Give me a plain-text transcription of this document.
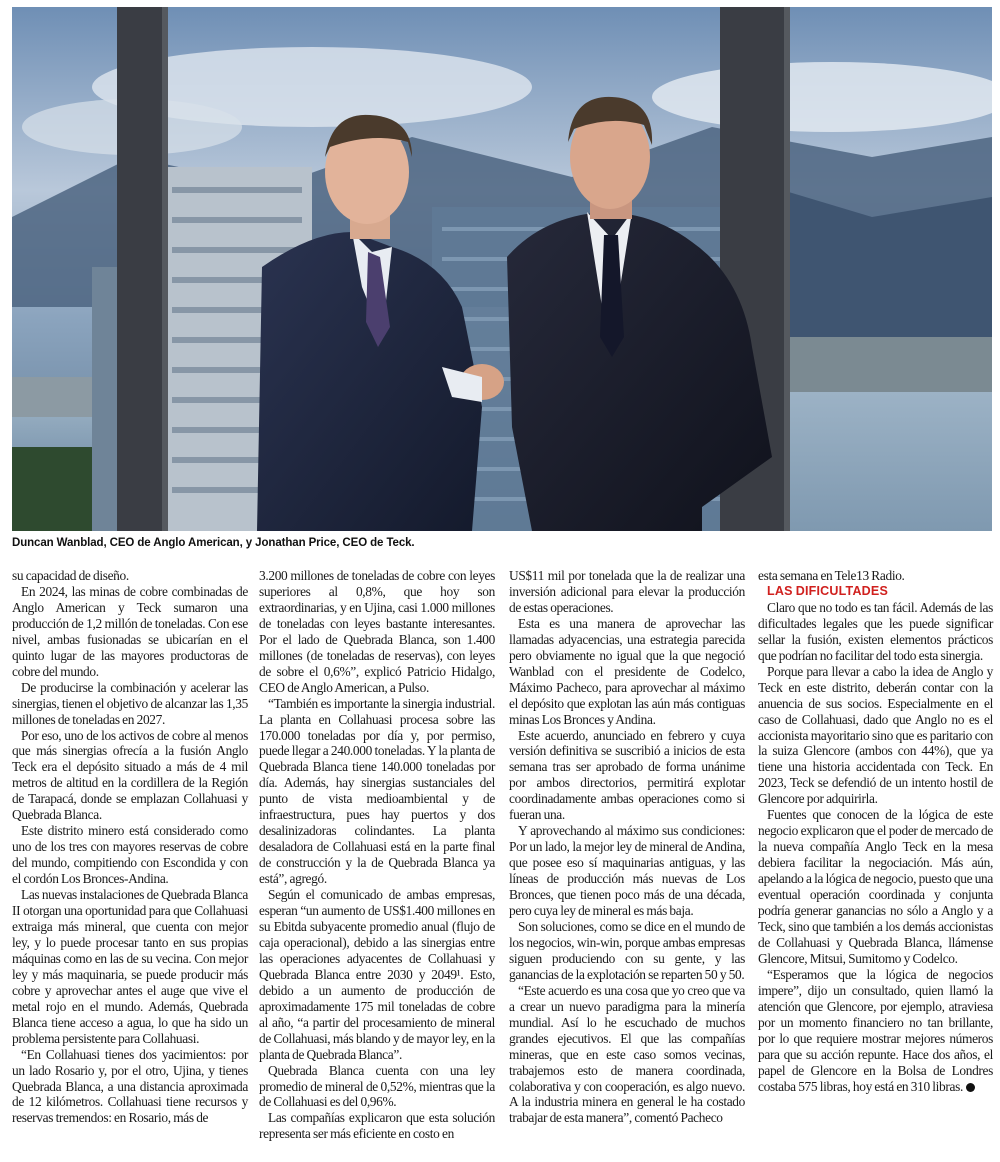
Duncan Wanblad, CEO de Anglo American, y Jonathan Price, CEO de Teck.

su capacidad de diseño.

En 2024, las minas de cobre combinadas de Anglo American y Teck sumaron una producción de 1,2 millón de toneladas. Con ese nivel, ambas fusionadas se ubicarían en el quinto lugar de las mayores productoras de cobre del mundo.

De producirse la combinación y acelerar las sinergias, tienen el objetivo de alcanzar las 1,35 millones de toneladas en 2027.

Por eso, uno de los activos de cobre al menos que más sinergias ofrecía a la fusión Anglo Teck era el depósito situado a más de 4 mil metros de altitud en la cordillera de la Región de Tarapacá, donde se emplazan Collahuasi y Quebrada Blanca.

Este distrito minero está considerado como uno de los tres con mayores reservas de cobre del mundo, compitiendo con Escondida y con el cordón Los Bronces-Andina.

Las nuevas instalaciones de Quebrada Blanca II otorgan una oportunidad para que Collahuasi extraiga más mineral, que cuenta con mejor ley, y lo puede procesar tanto en sus propias máquinas como en las de su vecina. Con mejor ley y más maquinaria, se puede producir más cobre y aprovechar antes el auge que vive el metal rojo en el mundo. Además, Quebrada Blanca tiene acceso a agua, lo que ha sido un problema persistente para Collahuasi.

“En Collahuasi tienes dos yacimientos: por un lado Rosario y, por el otro, Ujina, y tienes Quebrada Blanca, a una distancia aproximada de 12 kilómetros. Collahuasi tiene recursos y reservas tremendos: en Rosario, más de

3.200 millones de toneladas de cobre con leyes superiores al 0,8%, que hoy son extraordinarias, y en Ujina, casi 1.000 millones de toneladas con leyes bastante interesantes. Por el lado de Quebrada Blanca, son 1.400 millones (de toneladas de reservas), con leyes de sobre el 0,6%”, explicó Patricio Hidalgo, CEO de Anglo American, a Pulso.

“También es importante la sinergia industrial. La planta en Collahuasi procesa sobre las 170.000 toneladas por día y, por permiso, puede llegar a 240.000 toneladas. Y la planta de Quebrada Blanca tiene 140.000 toneladas por día. Además, hay sinergias sustanciales del punto de vista medioambiental y de infraestructura, pues hay puertos y dos desalinizadoras colindantes. La planta desaladora de Collahuasi está en la parte final de construcción y la de Quebrada Blanca ya está”, agregó.

Según el comunicado de ambas empresas, esperan “un aumento de US$1.400 millones en su Ebitda subyacente promedio anual (flujo de caja operacional), debido a las sinergias entre las operaciones adyacentes de Collahuasi y Quebrada Blanca entre 2030 y 2049¹. Esto, debido a un aumento de producción de aproximadamente 175 mil toneladas de cobre al año, “a partir del procesamiento de mineral de Collahuasi, más blando y de mayor ley, en la planta de Quebrada Blanca”.

Quebrada Blanca cuenta con una ley promedio de mineral de 0,52%, mientras que la de Collahuasi es del 0,96%.

Las compañías explicaron que esta solución representa ser más eficiente en costo en

US$11 mil por tonelada que la de realizar una inversión adicional para elevar la producción de estas operaciones.

Esta es una manera de aprovechar las llamadas adyacencias, una estrategia parecida pero obviamente no igual que la que negoció Wanblad con el presidente de Codelco, Máximo Pacheco, para aprovechar al máximo el depósito que explotan las aún más contiguas minas Los Bronces y Andina.

Este acuerdo, anunciado en febrero y cuya versión definitiva se suscribió a inicios de esta semana tras ser aprobado de forma unánime por ambos directorios, permitirá explotar coordinadamente ambas operaciones como si fueran una.

Y aprovechando al máximo sus condiciones: Por un lado, la mejor ley de mineral de Andina, que posee eso sí maquinarias antiguas, y las líneas de producción más nuevas de Los Bronces, que tienen poco más de una década, pero cuya ley de mineral es más baja.

Son soluciones, como se dice en el mundo de los negocios, win-win, porque ambas empresas siguen produciendo con su gente, y las ganancias de la explotación se reparten 50 y 50.

“Este acuerdo es una cosa que yo creo que va a crear un nuevo paradigma para la minería mundial. Así lo he escuchado de muchos grandes ejecutivos. El que las compañías mineras, que en este caso somos vecinas, trabajemos esto de manera coordinada, colaborativa y con cooperación, es algo nuevo. A la industria minera en general le ha costado trabajar de esta manera”, comentó Pacheco

esta semana en Tele13 Radio.

LAS DIFICULTADES

Claro que no todo es tan fácil. Además de las dificultades legales que les puede significar sellar la fusión, existen elementos prácticos que podrían no facilitar del todo esta sinergia.

Porque para llevar a cabo la idea de Anglo y Teck en este distrito, deberán contar con la anuencia de sus socios. Especialmente en el caso de Collahuasi, dado que Anglo no es el accionista mayoritario sino que es paritario con la suiza Glencore (ambos con 44%), que ya tiene una historia accidentada con Teck. En 2023, Teck se defendió de un intento hostil de Glencore por adquirirla.

Fuentes que conocen de la lógica de este negocio explicaron que el poder de mercado de la nueva compañía Anglo Teck en la mesa debiera facilitar la negociación. Más aún, apelando a la lógica de negocio, puesto que una eventual operación coordinada y conjunta podría generar ganancias no sólo a Anglo y a Teck, sino que también a los demás accionistas de Collahuasi y Quebrada Blanca, llámense Glencore, Mitsui, Sumitomo y Codelco.

“Esperamos que la lógica de negocios impere”, dijo un consultado, quien llamó la atención que Glencore, por ejemplo, atraviesa por un momento financiero no tan brillante, por lo que requiere mostrar mejores números para que su acción repunte. Hace dos años, el papel de Glencore en la Bolsa de Londres costaba 575 libras, hoy está en 310 libras.
